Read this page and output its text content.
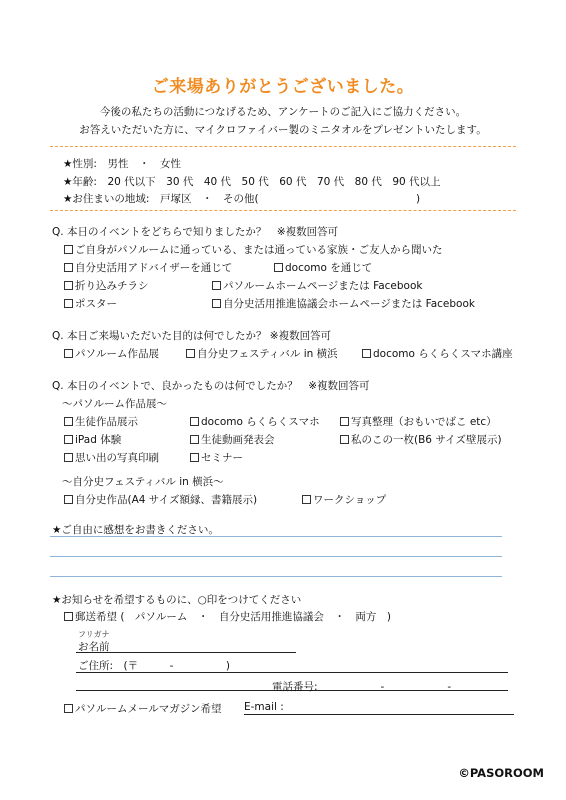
ご来場ありがとうございました。
今後の私たちの活動につなげるため、アンケートのご記入にご協力ください。
お答えいただいた方に、マイクロファイバー製のミニタオルをプレゼントいたします。
★性別:　男性　・　女性
★年齢:　20 代以下　30 代　40 代　50 代　60 代　70 代　80 代　90 代以上
★お住まいの地域:　戸塚区　・　その他(　　　　　　　　　　　　　　　)
Q. 本日のイベントをどちらで知りましたか？　※複数回答可
ご自身がパソルームに通っている、または通っている家族・ご友人から聞いた
自分史活用アドバイザーを通じて	docomo を通じて
折り込みチラシ	パソルームホームページまたは Facebook
ポスター	自分史活用推進協議会ホームページまたは Facebook
Q. 本日ご来場いただいた目的は何でしたか？ ※複数回答可
パソルーム作品展	自分史フェスティバル in 横浜	docomo らくらくスマホ講座
Q. 本日のイベントで、良かったものは何でしたか？　※複数回答可
～パソルーム作品展～
生徒作品展示	docomo らくらくスマホ	写真整理（おもいでばこ etc）
iPad 体験	生徒動画発表会	私のこの一枚(B6 サイズ壁展示)
思い出の写真印刷	セミナー
～自分史フェスティバル in 横浜～
自分史作品(A4 サイズ額縁、書籍展示)	ワークショップ
★ご自由に感想をお書きください。
★お知らせを希望するものに、○印をつけてください
郵送希望 (　パソルーム　・　自分史活用推進協議会　・　両方　)
フリガナ
お名前
ご住所:　(〒　　　-　　　　　)
電話番号:　　　　　　-　　　　　　-
パソルームメールマガジン希望 E-mail :
©PASOROOM
